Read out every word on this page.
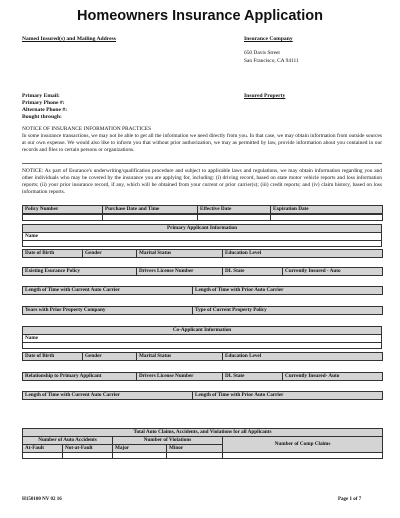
Homeowners Insurance Application
Named Insured(s) and Mailing Address	Insurance Company
650 Davis Street
San Francisco, CA 94111
Primary Email:
Primary Phone #:
Alternate Phone #:
Bought through:
Insured Property
NOTICE OF INSURANCE INFORMATION PRACTICES
In some insurance transactions, we may not be able to get all the information we need directly from you. In that case, we may obtain information from outside sources at our own expense. We would also like to inform you that without prior authorization, we may as permitted by law, provide information about you contained in our records and files to certain persons or organizations.
NOTICE: As part of Esurance's underwriting/qualification procedure and subject to applicable laws and regulations, we may obtain information regarding you and other individuals who may be covered by the insurance you are applying for, including: (i) driving record, based on state motor vehicle reports and loss information reports; (ii) your prior insurance record, if any, which will be obtained from your current or prior carrier(s); (iii) credit reports; and (iv) claim history, based on loss information reports.
Policy Number	Purchase Date and Time	Effective Date	Expiration Date

Primary Applicant Information
Name

Date of Birth	Gender	Marital Status	Education Level
Existing Esurance Policy	Drivers License Number	DL State	Currently Insured - Auto
Length of Time with Current Auto Carrier	Length of Time with Prior Auto Carrier
Years with Prior Property Company	Type of Current Property Policy
Co-Applicant Information
Name

Date of Birth	Gender	Marital Status	Education Level
Relationship to Primary Applicant	Drivers License Number	DL State	Currently Insured- Auto
Length of Time with Current Auto Carrier	Length of Time with Prior Auto Carrier
Total Auto Claims, Accidents, and Violations for all Applicants				
Number of Auto Accidents		Number of Violations		Number of Comp Claims
At-Fault	Not-at-Fault	Major	Minor	

H150100 NV 02 16	Page 1 of 7
